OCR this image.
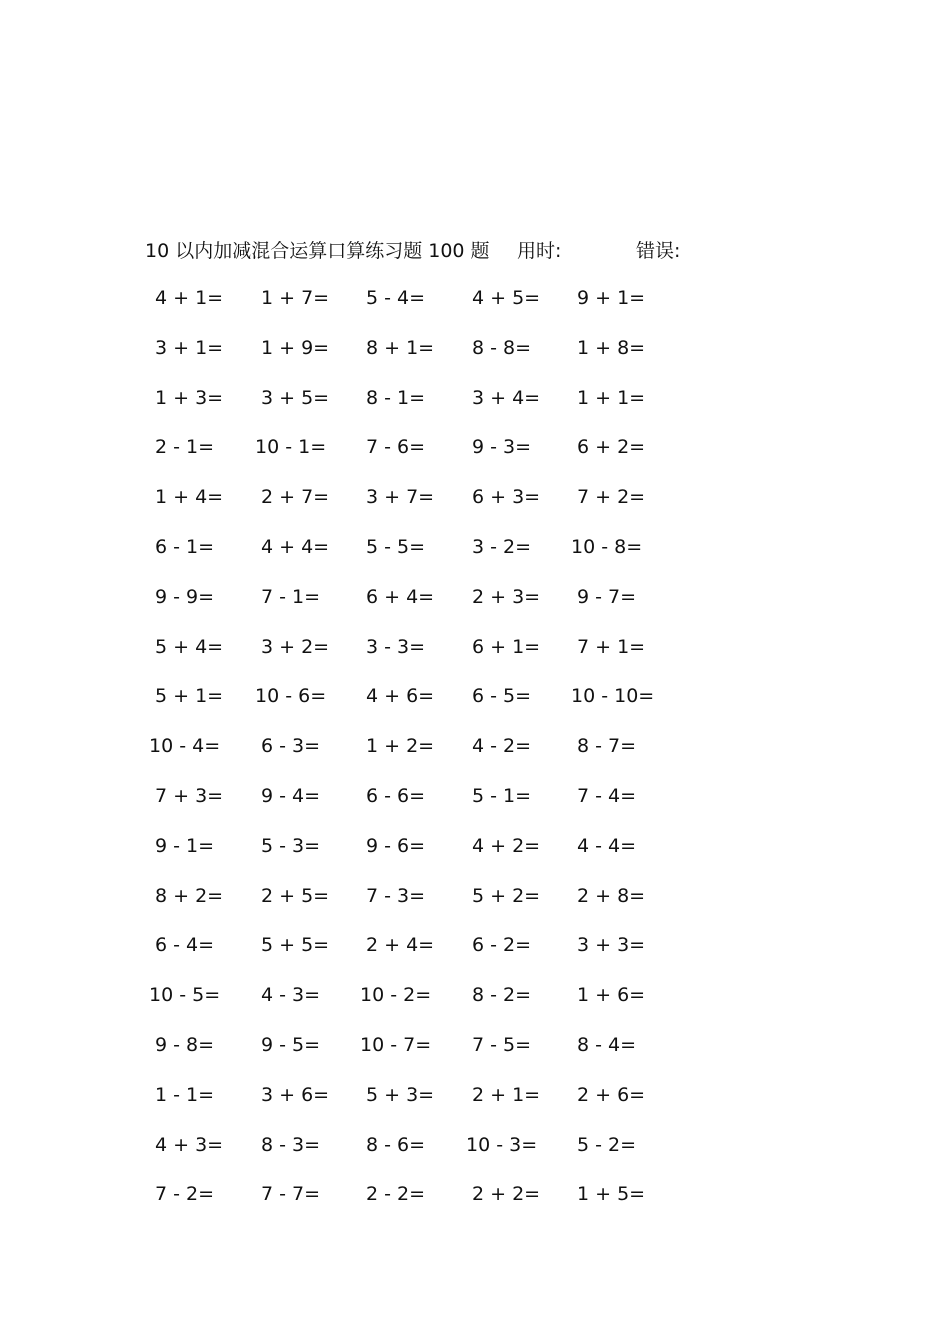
10 以内加减混合运算口算练习题 100 题 用时:	错误:
4 + 1= 1 + 7= 5 - 4= 4 + 5= 9 + 1=
3 + 1= 1 + 9= 8 + 1= 8 - 8= 1 + 8=
1 + 3= 3 + 5= 8 - 1= 3 + 4= 1 + 1=
2 - 1= 10 - 1= 7 - 6= 9 - 3= 6 + 2=
1 + 4= 2 + 7= 3 + 7= 6 + 3= 7 + 2=
6 - 1= 4 + 4= 5 - 5= 3 - 2= 10 - 8=
9 - 9= 7 - 1= 6 + 4= 2 + 3= 9 - 7=
5 + 4= 3 + 2= 3 - 3= 6 + 1= 7 + 1=
5 + 1= 10 - 6= 4 + 6= 6 - 5= 10 - 10=
10 - 4= 6 - 3= 1 + 2= 4 - 2= 8 - 7=
7 + 3= 9 - 4= 6 - 6= 5 - 1= 7 - 4=
9 - 1= 5 - 3= 9 - 6= 4 + 2= 4 - 4=
8 + 2= 2 + 5= 7 - 3= 5 + 2= 2 + 8=
6 - 4= 5 + 5= 2 + 4= 6 - 2= 3 + 3=
10 - 5= 4 - 3= 10 - 2= 8 - 2= 1 + 6=
9 - 8= 9 - 5= 10 - 7= 7 - 5= 8 - 4=
1 - 1= 3 + 6= 5 + 3= 2 + 1= 2 + 6=
4 + 3= 8 - 3= 8 - 6= 10 - 3= 5 - 2=
7 - 2= 7 - 7= 2 - 2= 2 + 2= 1 + 5=
